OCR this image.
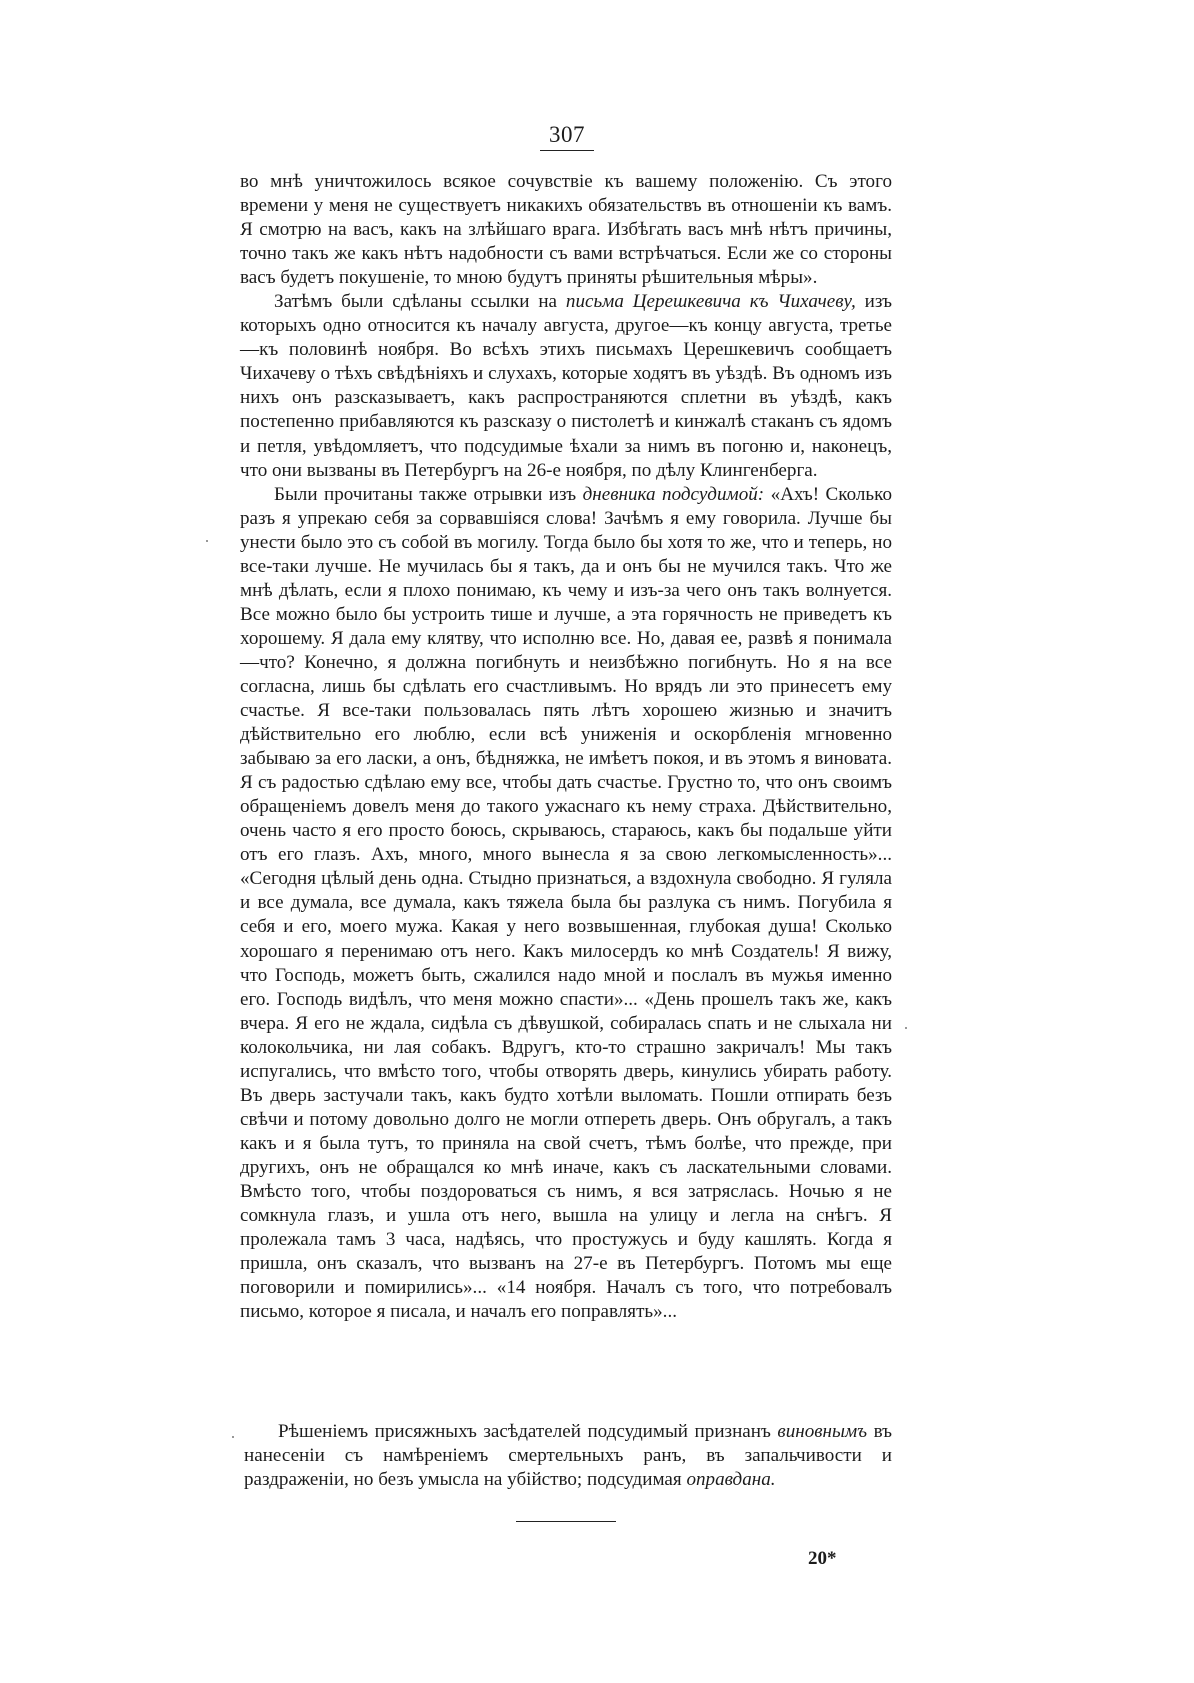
307

во мнѣ уничтожилось всякое сочувствіе къ вашему положенію. Съ этого времени у меня не существуетъ никакихъ обязательствъ въ отношеніи къ вамъ. Я смотрю на васъ, какъ на злѣйшаго врага. Избѣгать васъ мнѣ нѣтъ причины, точно такъ же какъ нѣтъ надобности съ вами встрѣчаться. Если же со стороны васъ будетъ покушеніе, то мною будутъ приняты рѣшительныя мѣры».

Затѣмъ были сдѣланы ссылки на письма Церешкевича къ Чихачеву, изъ которыхъ одно относится къ началу августа, другое—къ концу августа, третье—къ половинѣ ноября. Во всѣхъ этихъ письмахъ Церешкевичъ сообщаетъ Чихачеву о тѣхъ свѣдѣніяхъ и слухахъ, которые ходятъ въ уѣздѣ. Въ одномъ изъ нихъ онъ разсказываетъ, какъ распространяются сплетни въ уѣздѣ, какъ постепенно прибавляются къ разсказу о пистолетѣ и кинжалѣ стаканъ съ ядомъ и петля, увѣдомляетъ, что подсудимые ѣхали за нимъ въ погоню и, наконецъ, что они вызваны въ Петербургъ на 26-е ноября, по дѣлу Клингенберга.

Были прочитаны также отрывки изъ дневника подсудимой: «Ахъ! Сколько разъ я упрекаю себя за сорвавшіяся слова! Зачѣмъ я ему говорила. Лучше бы унести было это съ собой въ могилу. Тогда было бы хотя то же, что и теперь, но все-таки лучше. Не мучилась бы я такъ, да и онъ бы не мучился такъ. Что же мнѣ дѣлать, если я плохо понимаю, къ чему и изъ-за чего онъ такъ волнуется. Все можно было бы устроить тише и лучше, а эта горячность не приведетъ къ хорошему. Я дала ему клятву, что исполню все. Но, давая ее, развѣ я понимала—что? Конечно, я должна погибнуть и неизбѣжно погибнуть. Но я на все согласна, лишь бы сдѣлать его счастливымъ. Но врядъ ли это принесетъ ему счастье. Я все-таки пользовалась пять лѣтъ хорошею жизнью и значитъ дѣйствительно его люблю, если всѣ униженія и оскорбленія мгновенно забываю за его ласки, а онъ, бѣдняжка, не имѣетъ покоя, и въ этомъ я виновата. Я съ радостью сдѣлаю ему все, чтобы дать счастье. Грустно то, что онъ своимъ обращеніемъ довелъ меня до такого ужаснаго къ нему страха. Дѣйствительно, очень часто я его просто боюсь, скрываюсь, стараюсь, какъ бы подальше уйти отъ его глазъ. Ахъ, много, много вынесла я за свою легкомысленность»... «Сегодня цѣлый день одна. Стыдно признаться, а вздохнула свободно. Я гуляла и все думала, все думала, какъ тяжела была бы разлука съ нимъ. Погубила я себя и его, моего мужа. Какая у него возвышенная, глубокая душа! Сколько хорошаго я перенимаю отъ него. Какъ милосердъ ко мнѣ Создатель! Я вижу, что Господь, можетъ быть, сжалился надо мной и послалъ въ мужья именно его. Господь видѣлъ, что меня можно спасти»... «День прошелъ такъ же, какъ вчера. Я его не ждала, сидѣла съ дѣвушкой, собиралась спать и не слыхала ни колокольчика, ни лая собакъ. Вдругъ, кто-то страшно закричалъ! Мы такъ испугались, что вмѣсто того, чтобы отворять дверь, кинулись убирать работу. Въ дверь застучали такъ, какъ будто хотѣли выломать. Пошли отпирать безъ свѣчи и потому довольно долго не могли отпереть дверь. Онъ обругалъ, а такъ какъ и я была тутъ, то приняла на свой счетъ, тѣмъ болѣе, что прежде, при другихъ, онъ не обращался ко мнѣ иначе, какъ съ ласкательными словами. Вмѣсто того, чтобы поздороваться съ нимъ, я вся затряслась. Ночью я не сомкнула глазъ, и ушла отъ него, вышла на улицу и легла на снѣгъ. Я пролежала тамъ 3 часа, надѣясь, что простужусь и буду кашлять. Когда я пришла, онъ сказалъ, что вызванъ на 27-е въ Петербургъ. Потомъ мы еще поговорили и помирились»... «14 ноября. Началъ съ того, что потребовалъ письмо, которое я писала, и началъ его поправлять»...

Рѣшеніемъ присяжныхъ засѣдателей подсудимый признанъ виновнымъ въ нанесеніи съ намѣреніемъ смертельныхъ ранъ, въ запальчивости и раздраженіи, но безъ умысла на убійство; подсудимая оправдана.

20*
